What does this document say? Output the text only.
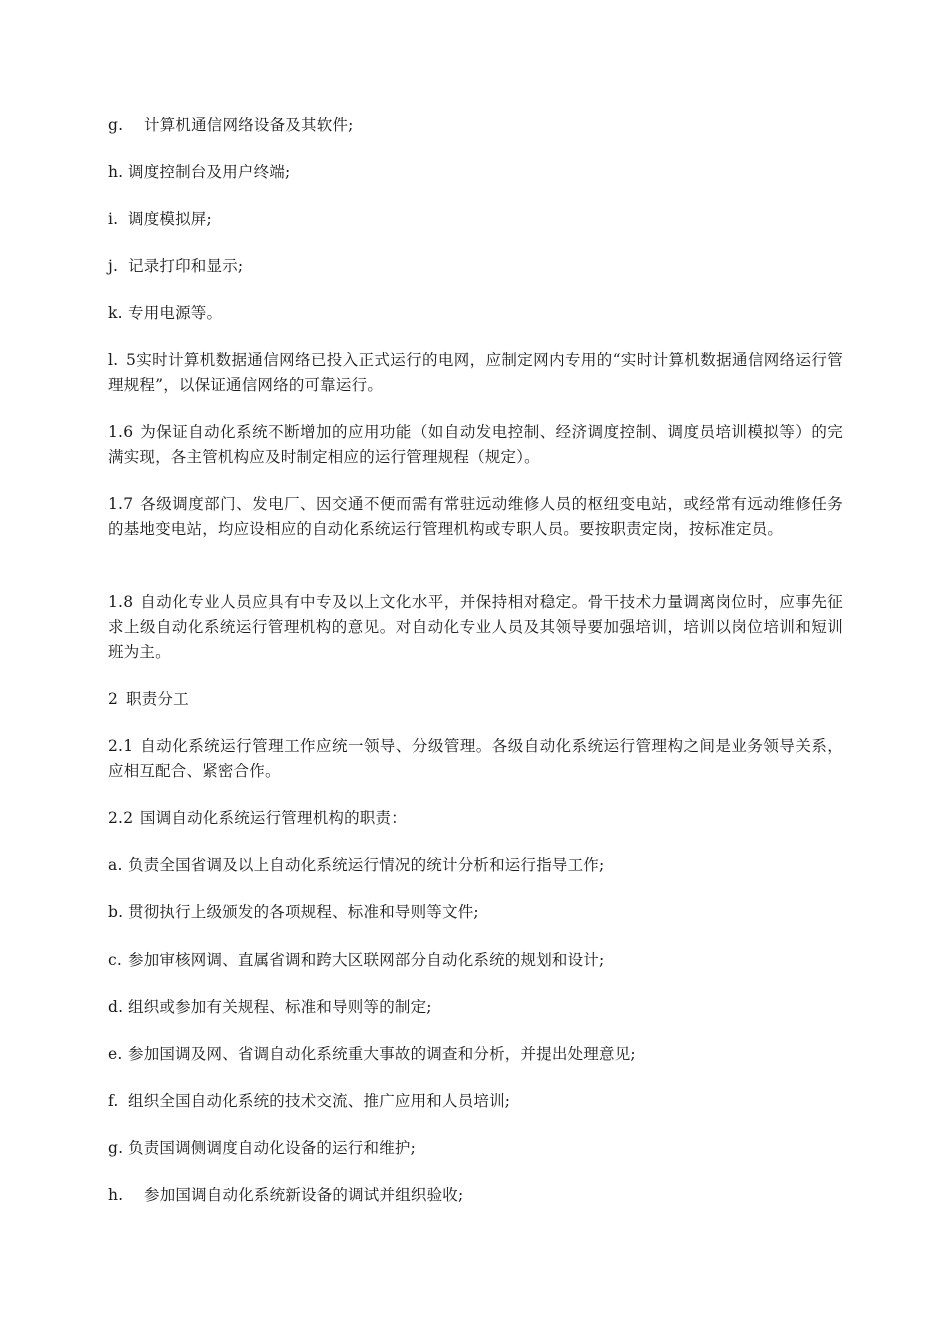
g. 计算机通信网络设备及其软件;
h. 调度控制台及用户终端;
i. 调度模拟屏;
j. 记录打印和显示;
k. 专用电源等。
l. 5实时计算机数据通信网络已投入正式运行的电网，应制定网内专用的“实时计算机数据通信网络运行管理规程”，以保证通信网络的可靠运行。
1.6 为保证自动化系统不断增加的应用功能（如自动发电控制、经济调度控制、调度员培训模拟等）的完满实现，各主管机构应及时制定相应的运行管理规程（规定）。
1.7 各级调度部门、发电厂、因交通不便而需有常驻远动维修人员的枢纽变电站，或经常有远动维修任务的基地变电站，均应设相应的自动化系统运行管理机构或专职人员。要按职责定岗，按标准定员。
1.8 自动化专业人员应具有中专及以上文化水平，并保持相对稳定。骨干技术力量调离岗位时，应事先征求上级自动化系统运行管理机构的意见。对自动化专业人员及其领导要加强培训，培训以岗位培训和短训班为主。
2 职责分工
2.1 自动化系统运行管理工作应统一领导、分级管理。各级自动化系统运行管理构之间是业务领导关系，应相互配合、紧密合作。
2.2 国调自动化系统运行管理机构的职责：
a. 负责全国省调及以上自动化系统运行情况的统计分析和运行指导工作;
b. 贯彻执行上级颁发的各项规程、标准和导则等文件;
c. 参加审核网调、直属省调和跨大区联网部分自动化系统的规划和设计;
d. 组织或参加有关规程、标准和导则等的制定;
e. 参加国调及网、省调自动化系统重大事故的调查和分析，并提出处理意见;
f. 组织全国自动化系统的技术交流、推广应用和人员培训;
g. 负责国调侧调度自动化设备的运行和维护;
h. 参加国调自动化系统新设备的调试并组织验收;
